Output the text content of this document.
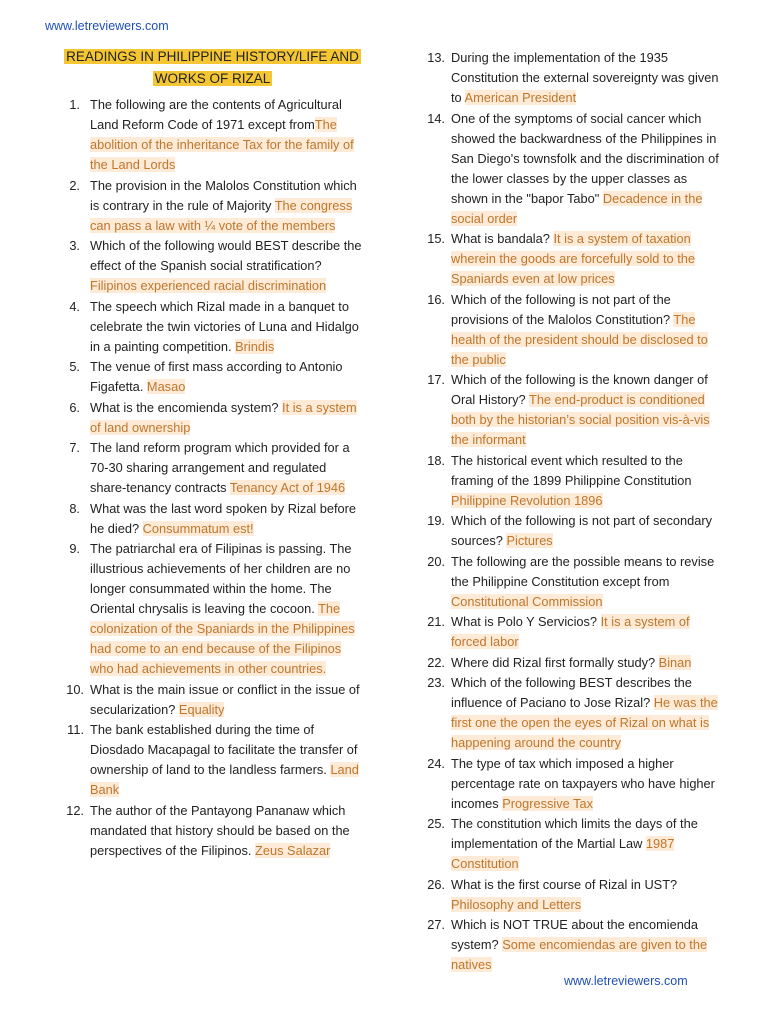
www.letreviewers.com
READINGS IN PHILIPPINE HISTORY/LIFE AND
WORKS OF RIZAL
1. The following are the contents of Agricultural Land Reform Code of 1971 except fromThe abolition of the inheritance Tax for the family of the Land Lords
2. The provision in the Malolos Constitution which is contrary in the rule of Majority The congress can pass a law with ¼ vote of the members
3. Which of the following would BEST describe the effect of the Spanish social stratification? Filipinos experienced racial discrimination
4. The speech which Rizal made in a banquet to celebrate the twin victories of Luna and Hidalgo in a painting competition. Brindis
5. The venue of first mass according to Antonio Figafetta. Masao
6. What is the encomienda system? It is a system of land ownership
7. The land reform program which provided for a 70-30 sharing arrangement and regulated share-tenancy contracts Tenancy Act of 1946
8. What was the last word spoken by Rizal before he died? Consummatum est!
9. The patriarchal era of Filipinas is passing. The illustrious achievements of her children are no longer consummated within the home. The Oriental chrysalis is leaving the cocoon. The colonization of the Spaniards in the Philippines had come to an end because of the Filipinos who had achievements in other countries.
10. What is the main issue or conflict in the issue of secularization? Equality
11. The bank established during the time of Diosdado Macapagal to facilitate the transfer of ownership of land to the landless farmers. Land Bank
12. The author of the Pantayong Pananaw which mandated that history should be based on the perspectives of the Filipinos. Zeus Salazar
13. During the implementation of the 1935 Constitution the external sovereignty was given to American President
14. One of the symptoms of social cancer which showed the backwardness of the Philippines in San Diego's townsfolk and the discrimination of the lower classes by the upper classes as shown in the "bapor Tabo" Decadence in the social order
15. What is bandala? It is a system of taxation wherein the goods are forcefully sold to the Spaniards even at low prices
16. Which of the following is not part of the provisions of the Malolos Constitution? The health of the president should be disclosed to the public
17. Which of the following is the known danger of Oral History? The end-product is conditioned both by the historian’s social position vis-à-vis the informant
18. The historical event which resulted to the framing of the 1899 Philippine Constitution Philippine Revolution 1896
19. Which of the following is not part of secondary sources? Pictures
20. The following are the possible means to revise the Philippine Constitution except from Constitutional Commission
21. What is Polo Y Servicios? It is a system of forced labor
22. Where did Rizal first formally study? Binan
23. Which of the following BEST describes the influence of Paciano to Jose Rizal? He was the first one the open the eyes of Rizal on what is happening around the country
24. The type of tax which imposed a higher percentage rate on taxpayers who have higher incomes Progressive Tax
25. The constitution which limits the days of the implementation of the Martial Law 1987 Constitution
26. What is the first course of Rizal in UST? Philosophy and Letters
27. Which is NOT TRUE about the encomienda system? Some encomiendas are given to the natives
www.letreviewers.com
